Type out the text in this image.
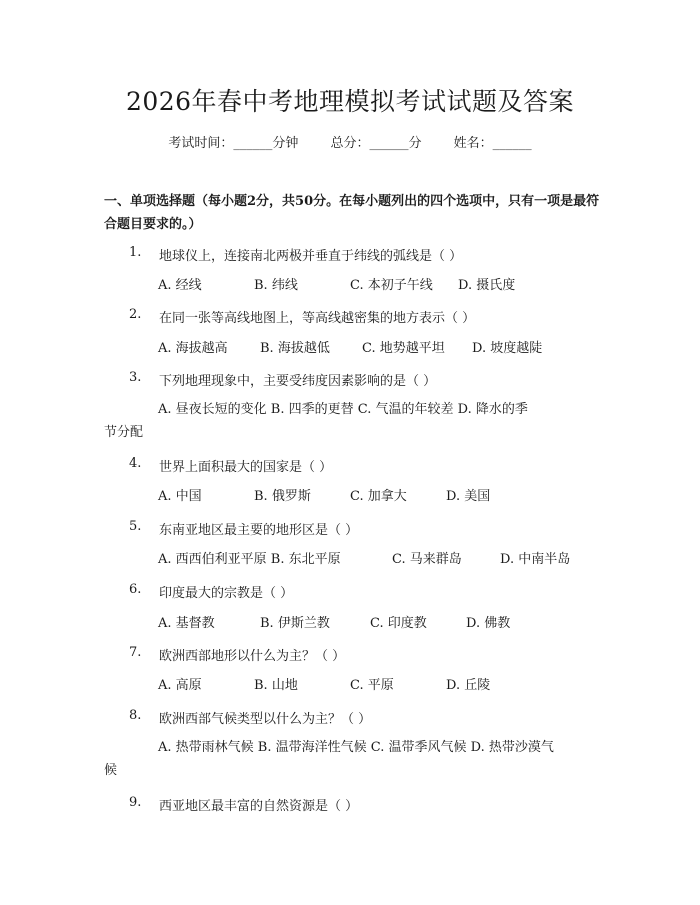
2026年春中考地理模拟考试试题及答案
考试时间：______分钟 总分：______分 姓名：______
一、单项选择题（每小题2分，共50分。在每小题列出的四个选项中，只有一项是最符合题目要求的。）
1. 地球仪上，连接南北两极并垂直于纬线的弧线是（ ）
A. 经线	B. 纬线	C. 本初子午线 D. 摄氏度
2. 在同一张等高线地图上，等高线越密集的地方表示（ ）
A. 海拔越高 B. 海拔越低 C. 地势越平坦 D. 坡度越陡
3. 下列地理现象中，主要受纬度因素影响的是（ ）
A. 昼夜长短的变化 B. 四季的更替 C. 气温的年较差 D. 降水的季
节分配
4. 世界上面积最大的国家是（ ）
A. 中国	B. 俄罗斯	C. 加拿大	D. 美国
5. 东南亚地区最主要的地形区是（ ）
A. 西西伯利亚平原 B. 东北平原	C. 马来群岛	D. 中南半岛
6. 印度最大的宗教是（ ）
A. 基督教	B. 伊斯兰教	C. 印度教	D. 佛教
7. 欧洲西部地形以什么为主？（ ）
A. 高原	B. 山地	C. 平原	D. 丘陵
8. 欧洲西部气候类型以什么为主？（ ）
A. 热带雨林气候 B. 温带海洋性气候 C. 温带季风气候 D. 热带沙漠气
候
9. 西亚地区最丰富的自然资源是（ ）
